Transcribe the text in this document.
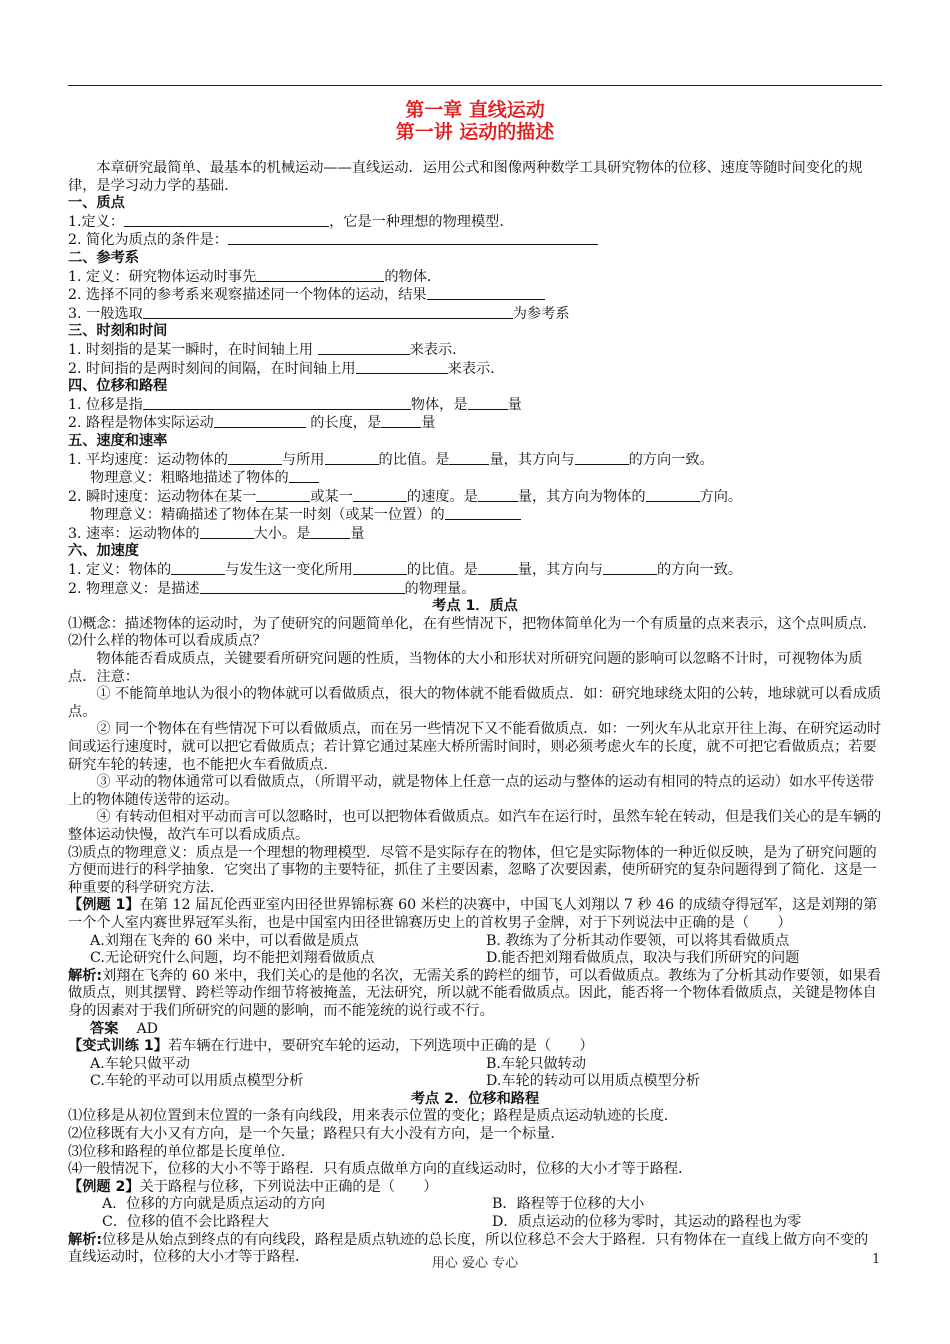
第一章 直线运动
第一讲 运动的描述

本章研究最简单、最基本的机械运动——直线运动．运用公式和图像两种数学工具研究物体的位移、速度等随时间变化的规律，是学习动力学的基础．

一、质点

1.定义：	，它是一种理想的物理模型．

2. 简化为质点的条件是：

二、参考系

1. 定义：研究物体运动时事先	的物体．

2. 选择不同的参考系来观察描述同一个物体的运动，结果

3. 一般选取	为参考系

三、时刻和时间

1. 时刻指的是某一瞬时，在时间轴上用	来表示．

2. 时间指的是两时刻间的间隔，在时间轴上用	来表示．

四、位移和路程

1. 位移是指	物体，是	量

2. 路程是物体实际运动	的长度，是	量

五、速度和速率

1. 平均速度：运动物体的	与所用	的比值。是	量，其方向与	的方向一致。

物理意义：粗略地描述了物体的

2. 瞬时速度：运动物体在某一	或某一	的速度。是	量，其方向为物体的	方向。

物理意义：精确描述了物体在某一时刻（或某一位置）的

3. 速率：运动物体的	大小。是	量

六、加速度

1. 定义：物体的	与发生这一变化所用	的比值。是	量，其方向与	的方向一致。

2. 物理意义：是描述	的物理量。

考点 1．质点

⑴概念：描述物体的运动时，为了使研究的问题简单化，在有些情况下，把物体简单化为一个有质量的点来表示，这个点叫质点．

⑵什么样的物体可以看成质点？

物体能否看成质点，关键要看所研究问题的性质，当物体的大小和形状对所研究问题的影响可以忽略不计时，可视物体为质点．注意：

① 不能简单地认为很小的物体就可以看做质点，很大的物体就不能看做质点．如：研究地球绕太阳的公转，地球就可以看成质点。

② 同一个物体在有些情况下可以看做质点，而在另一些情况下又不能看做质点．如：一列火车从北京开往上海、在研究运动时间或运行速度时，就可以把它看做质点；若计算它通过某座大桥所需时间时，则必须考虑火车的长度，就不可把它看做质点；若要研究车轮的转速，也不能把火车看做质点．

③ 平动的物体通常可以看做质点，（所谓平动，就是物体上任意一点的运动与整体的运动有相同的特点的运动）如水平传送带上的物体随传送带的运动。

④ 有转动但相对平动而言可以忽略时，也可以把物体看做质点。如汽车在运行时，虽然车轮在转动，但是我们关心的是车辆的整体运动快慢，故汽车可以看成质点。

⑶质点的物理意义：质点是一个理想的物理模型．尽管不是实际存在的物体，但它是实际物体的一种近似反映，是为了研究问题的方便而进行的科学抽象．它突出了事物的主要特征，抓住了主要因素，忽略了次要因素，使所研究的复杂问题得到了简化．这是一种重要的科学研究方法．

【例题 1】在第 12 届瓦伦西亚室内田径世界锦标赛 60 米栏的决赛中，中国飞人刘翔以 7 秒 46 的成绩夺得冠军，这是刘翔的第一个个人室内赛世界冠军头衔，也是中国室内田径世锦赛历史上的首枚男子金牌，对于下列说法中正确的是（　　）

A.刘翔在飞奔的 60 米中，可以看做是质点	B. 教练为了分析其动作要领，可以将其看做质点
C.无论研究什么问题，均不能把刘翔看做质点	D.能否把刘翔看做质点，取决与我们所研究的问题

解析:刘翔在飞奔的 60 米中，我们关心的是他的名次，无需关系的跨栏的细节，可以看做质点。教练为了分析其动作要领，如果看做质点，则其摆臂、跨栏等动作细节将被掩盖，无法研究，所以就不能看做质点。因此，能否将一个物体看做质点，关键是物体自身的因素对于我们所研究的问题的影响，而不能笼统的说行或不行。

答案 AD

【变式训练 1】若车辆在行进中，要研究车轮的运动，下列选项中正确的是（　　）

A.车轮只做平动	B.车轮只做转动
C.车轮的平动可以用质点模型分析	D.车轮的转动可以用质点模型分析

考点 2．位移和路程

⑴位移是从初位置到末位置的一条有向线段，用来表示位置的变化；路程是质点运动轨迹的长度．

⑵位移既有大小又有方向，是一个矢量；路程只有大小没有方向，是一个标量．

⑶位移和路程的单位都是长度单位．

⑷一般情况下，位移的大小不等于路程．只有质点做单方向的直线运动时，位移的大小才等于路程．

【例题 2】关于路程与位移，下列说法中正确的是（　　）

A．位移的方向就是质点运动的方向	B．路程等于位移的大小
C．位移的值不会比路程大	D．质点运动的位移为零时，其运动的路程也为零

解析:位移是从始点到终点的有向线段，路程是质点轨迹的总长度，所以位移总不会大于路程．只有物体在一直线上做方向不变的直线运动时，位移的大小才等于路程．	用心 爱心 专心	1
